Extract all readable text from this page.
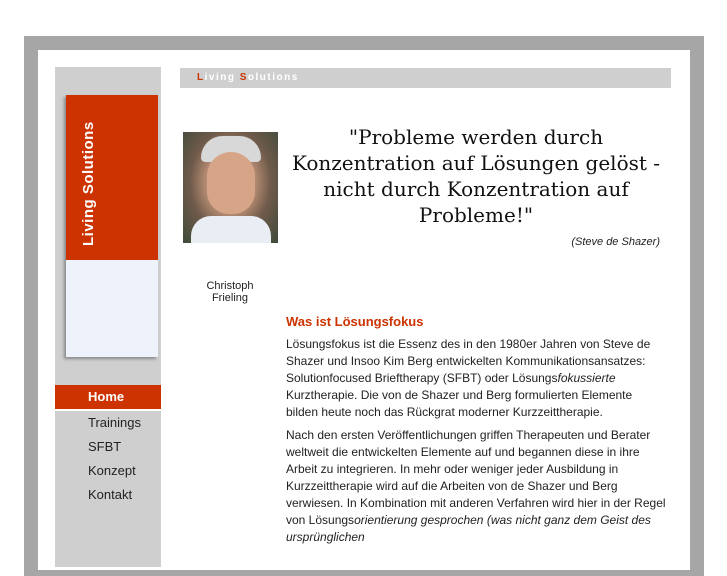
Living Solutions
Living Solutions
Home
Trainings
SFBT
Konzept
Kontakt
Christoph
Frieling
"Probleme werden durch Konzentration auf Lösungen gelöst - nicht durch Konzentration auf Probleme!"
(Steve de Shazer)
Was ist Lösungsfokus

Lösungsfokus ist die Essenz des in den 1980er Jahren von Steve de Shazer und Insoo Kim Berg entwickelten Kommunikationsansatzes: Solutionfocused Brieftherapy (SFBT) oder Lösungsfokussierte Kurztherapie. Die von de Shazer und Berg formulierten Elemente bilden heute noch das Rückgrat moderner Kurzzeittherapie.

Nach den ersten Veröffentlichungen griffen Therapeuten und Berater weltweit die entwickelten Elemente auf und begannen diese in ihre Arbeit zu integrieren. In mehr oder weniger jeder Ausbildung in Kurzzeittherapie wird auf die Arbeiten von de Shazer und Berg verwiesen. In Kombination mit anderen Verfahren wird hier in der Regel von Lösungsorientierung gesprochen (was nicht ganz dem Geist des ursprünglichen
